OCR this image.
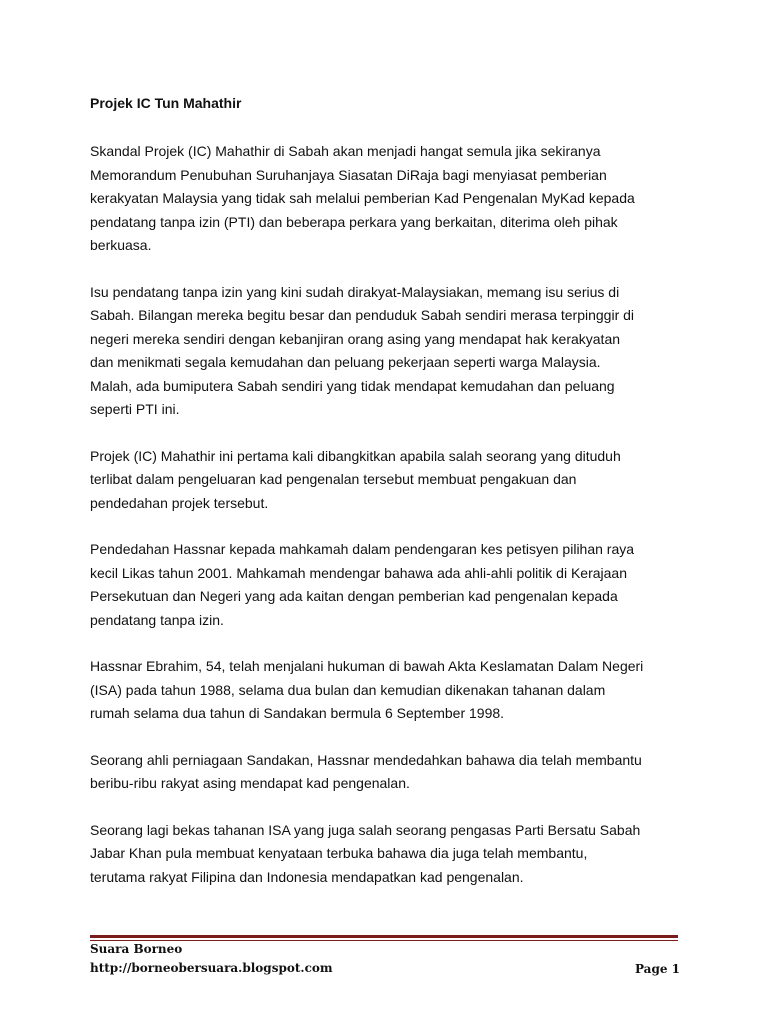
Projek IC Tun Mahathir

Skandal Projek (IC) Mahathir di Sabah akan menjadi hangat semula jika sekiranya
Memorandum Penubuhan Suruhanjaya Siasatan DiRaja bagi menyiasat pemberian
kerakyatan Malaysia yang tidak sah melalui pemberian Kad Pengenalan MyKad kepada
pendatang tanpa izin (PTI) dan beberapa perkara yang berkaitan, diterima oleh pihak
berkuasa.

Isu pendatang tanpa izin yang kini sudah dirakyat-Malaysiakan, memang isu serius di
Sabah. Bilangan mereka begitu besar dan penduduk Sabah sendiri merasa terpinggir di
negeri mereka sendiri dengan kebanjiran orang asing yang mendapat hak kerakyatan
dan menikmati segala kemudahan dan peluang pekerjaan seperti warga Malaysia.
Malah, ada bumiputera Sabah sendiri yang tidak mendapat kemudahan dan peluang
seperti PTI ini.

Projek (IC) Mahathir ini pertama kali dibangkitkan apabila salah seorang yang dituduh
terlibat dalam pengeluaran kad pengenalan tersebut membuat pengakuan dan
pendedahan projek tersebut.

Pendedahan Hassnar kepada mahkamah dalam pendengaran kes petisyen pilihan raya
kecil Likas tahun 2001. Mahkamah mendengar bahawa ada ahli-ahli politik di Kerajaan
Persekutuan dan Negeri yang ada kaitan dengan pemberian kad pengenalan kepada
pendatang tanpa izin.

Hassnar Ebrahim, 54, telah menjalani hukuman di bawah Akta Keslamatan Dalam Negeri
(ISA) pada tahun 1988, selama dua bulan dan kemudian dikenakan tahanan dalam
rumah selama dua tahun di Sandakan bermula 6 September 1998.

Seorang ahli perniagaan Sandakan, Hassnar mendedahkan bahawa dia telah membantu
beribu-ribu rakyat asing mendapat kad pengenalan.

Seorang lagi bekas tahanan ISA yang juga salah seorang pengasas Parti Bersatu Sabah
Jabar Khan pula membuat kenyataan terbuka bahawa dia juga telah membantu,
terutama rakyat Filipina dan Indonesia mendapatkan kad pengenalan.

Suara Borneo
http://borneobersuara.blogspot.com	Page 1
